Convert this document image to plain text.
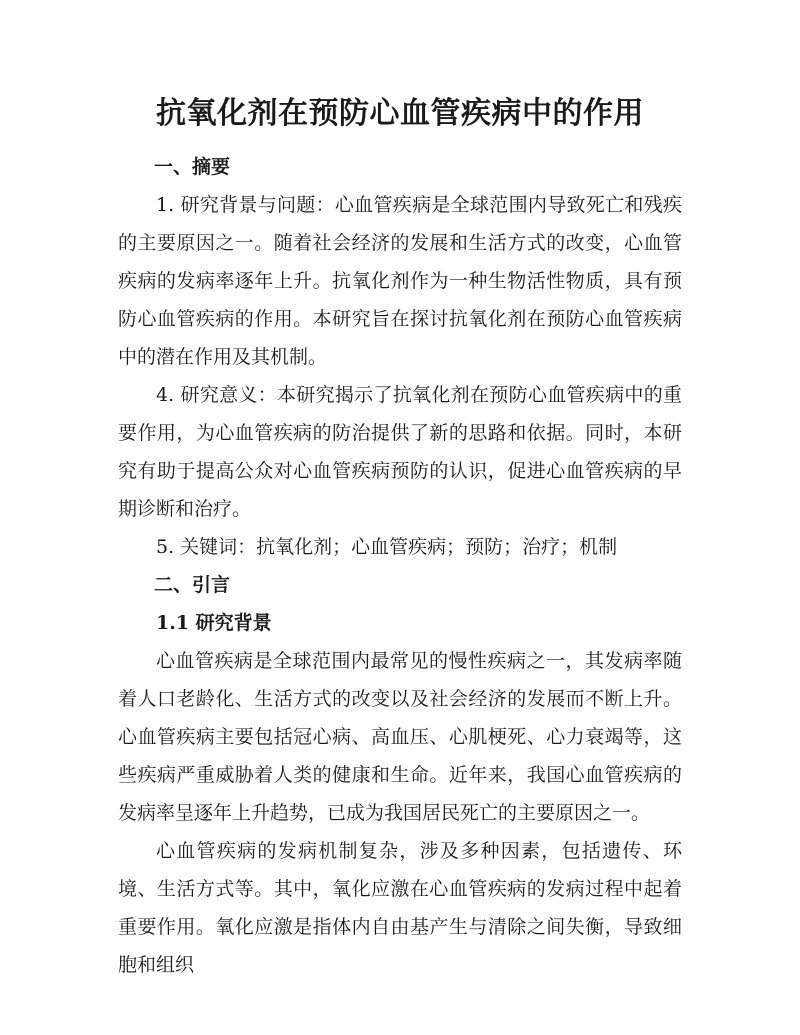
抗氧化剂在预防心血管疾病中的作用
一、摘要

1. 研究背景与问题：心血管疾病是全球范围内导致死亡和残疾的主要原因之一。随着社会经济的发展和生活方式的改变，心血管疾病的发病率逐年上升。抗氧化剂作为一种生物活性物质，具有预防心血管疾病的作用。本研究旨在探讨抗氧化剂在预防心血管疾病中的潜在作用及其机制。

4. 研究意义：本研究揭示了抗氧化剂在预防心血管疾病中的重要作用，为心血管疾病的防治提供了新的思路和依据。同时，本研究有助于提高公众对心血管疾病预防的认识，促进心血管疾病的早期诊断和治疗。

5. 关键词：抗氧化剂；心血管疾病；预防；治疗；机制

二、引言
1.1 研究背景

心血管疾病是全球范围内最常见的慢性疾病之一，其发病率随着人口老龄化、生活方式的改变以及社会经济的发展而不断上升。心血管疾病主要包括冠心病、高血压、心肌梗死、心力衰竭等，这些疾病严重威胁着人类的健康和生命。近年来，我国心血管疾病的发病率呈逐年上升趋势，已成为我国居民死亡的主要原因之一。

心血管疾病的发病机制复杂，涉及多种因素，包括遗传、环境、生活方式等。其中，氧化应激在心血管疾病的发病过程中起着重要作用。氧化应激是指体内自由基产生与清除之间失衡，导致细胞和组织
